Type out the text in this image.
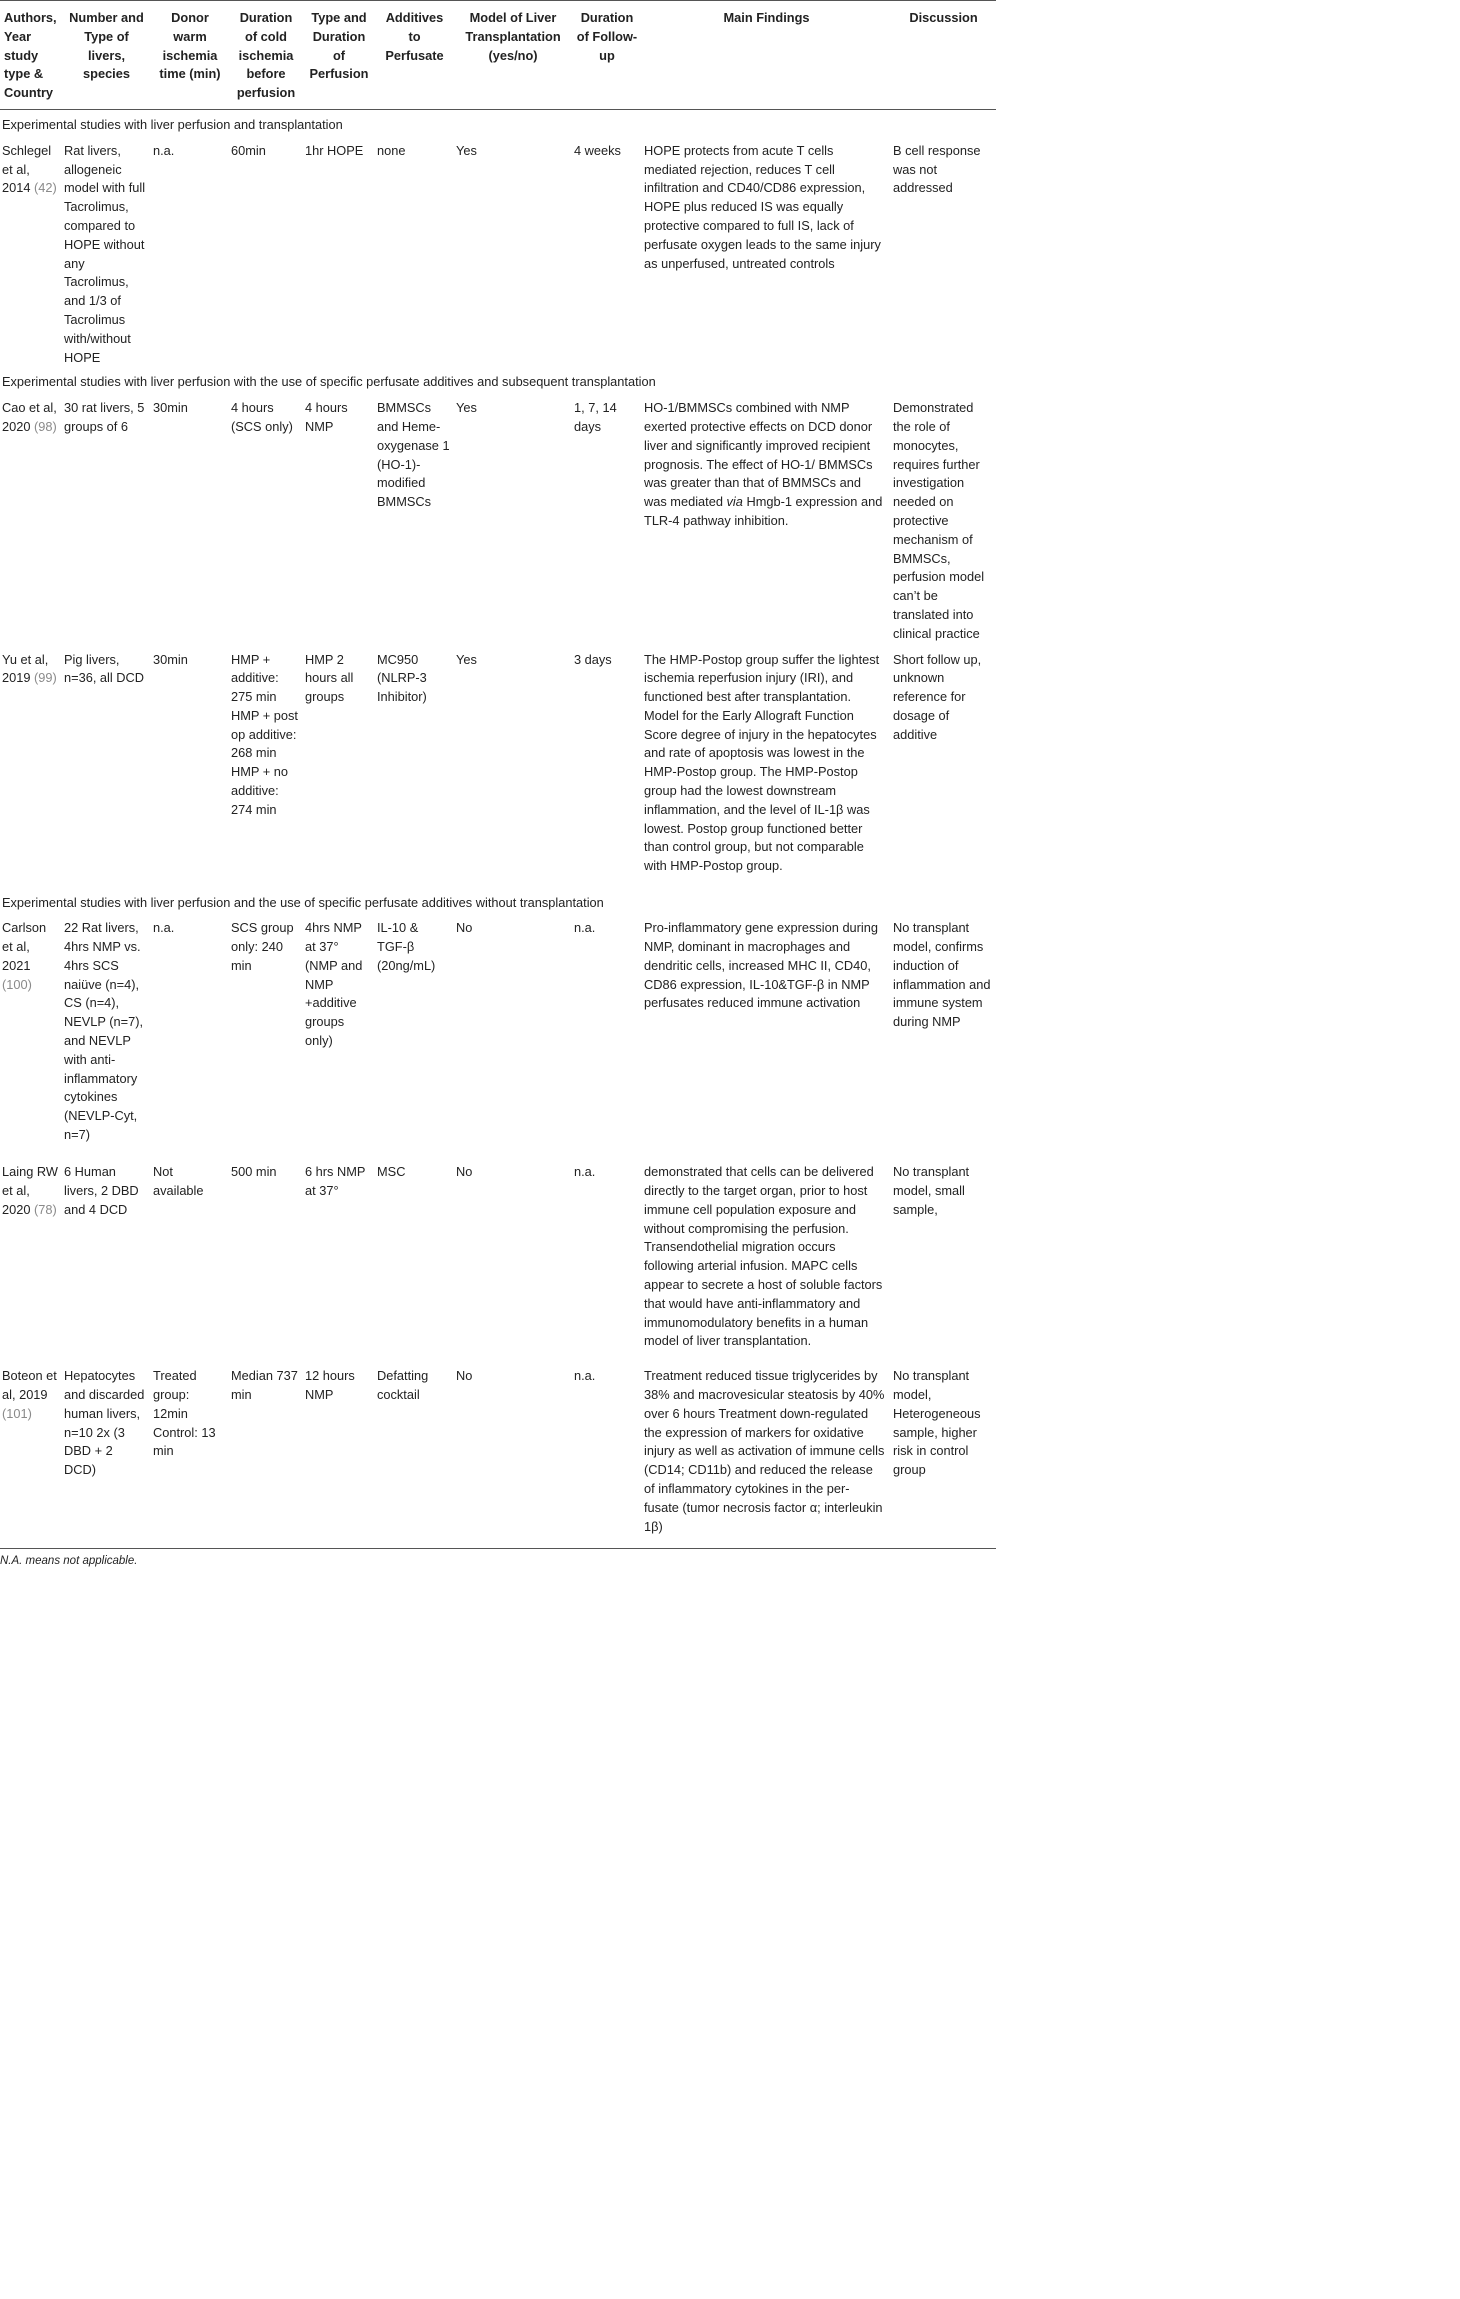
Authors, Year study type & Country	Number and Type of livers, species	Donor warm ischemia time (min)	Duration of cold ischemia before perfusion	Type and Duration of Perfusion	Additives to Perfusate	Model of Liver Transplantation (yes/no)	Duration of Follow-up	Main Findings	Discussion
Experimental studies with liver perfusion and transplantation									
Schlegel et al, 2014 (42)	Rat livers, allogeneic model with full Tacrolimus, compared to HOPE without any Tacrolimus, and 1/3 of Tacrolimus with/without HOPE	n.a.	60min	1hr HOPE	none	Yes	4 weeks	HOPE protects from acute T cells mediated rejection, reduces T cell infiltration and CD40/CD86 expression, HOPE plus reduced IS was equally protective compared to full IS, lack of perfusate oxygen leads to the same injury as unperfused, untreated controls	B cell response was not addressed
Experimental studies with liver perfusion with the use of specific perfusate additives and subsequent transplantation									
Cao et al, 2020 (98)	30 rat livers, 5 groups of 6	30min	4 hours (SCS only)	4 hours NMP	BMMSCs and Heme-oxygenase 1 (HO-1)-modified BMMSCs	Yes	1, 7, 14 days	HO-1/BMMSCs combined with NMP exerted protective effects on DCD donor liver and significantly improved recipient prognosis. The effect of HO-1/ BMMSCs was greater than that of BMMSCs and was mediated via Hmgb-1 expression and TLR-4 pathway inhibition.	Demonstrated the role of monocytes, requires further investigation needed on protective mechanism of BMMSCs, perfusion model can’t be translated into clinical practice
Yu et al, 2019 (99)	Pig livers, n=36, all DCD	30min	HMP + additive: 275 min HMP + post op additive: 268 min HMP + no additive: 274 min	HMP 2 hours all groups	MC950 (NLRP-3 Inhibitor)	Yes	3 days	The HMP-Postop group suffer the lightest ischemia reperfusion injury (IRI), and functioned best after transplantation. Model for the Early Allograft Function Score degree of injury in the hepatocytes and rate of apoptosis was lowest in the HMP-Postop group. The HMP-Postop group had the lowest downstream inflammation, and the level of IL-1β was lowest. Postop group functioned better than control group, but not comparable with HMP-Postop group.	Short follow up, unknown reference for dosage of additive
Experimental studies with liver perfusion and the use of specific perfusate additives without transplantation									
Carlson et al, 2021 (100)	22 Rat livers, 4hrs NMP vs. 4hrs SCS naiüve (n=4), CS (n=4), NEVLP (n=7), and NEVLP with anti-inflammatory cytokines (NEVLP-Cyt, n=7)	n.a.	SCS group only: 240 min	4hrs NMP at 37° (NMP and NMP +additive groups only)	IL-10 & TGF-β (20ng/mL)	No	n.a.	Pro-inflammatory gene expression during NMP, dominant in macrophages and dendritic cells, increased MHC II, CD40, CD86 expression, IL-10&TGF-β in NMP perfusates reduced immune activation	No transplant model, confirms induction of inflammation and immune system during NMP
Laing RW et al, 2020 (78)	6 Human livers, 2 DBD and 4 DCD	Not available	500 min	6 hrs NMP at 37°	MSC	No	n.a.	demonstrated that cells can be delivered directly to the target organ, prior to host immune cell population exposure and without compromising the perfusion. Transendothelial migration occurs following arterial infusion. MAPC cells appear to secrete a host of soluble factors that would have anti-inflammatory and immunomodulatory benefits in a human model of liver transplantation.	No transplant model, small sample,
Boteon et al, 2019 (101)	Hepatocytes and discarded human livers, n=10 2x (3 DBD + 2 DCD)	Treated group: 12min Control: 13 min	Median 737 min	12 hours NMP	Defatting cocktail	No	n.a.	Treatment reduced tissue triglycerides by 38% and macrovesicular steatosis by 40% over 6 hours Treatment down-regulated the expression of markers for oxidative injury as well as activation of immune cells (CD14; CD11b) and reduced the release of inflammatory cytokines in the per- fusate (tumor necrosis factor α; interleukin 1β)	No transplant model, Heterogeneous sample, higher risk in control group
N.A. means not applicable.
